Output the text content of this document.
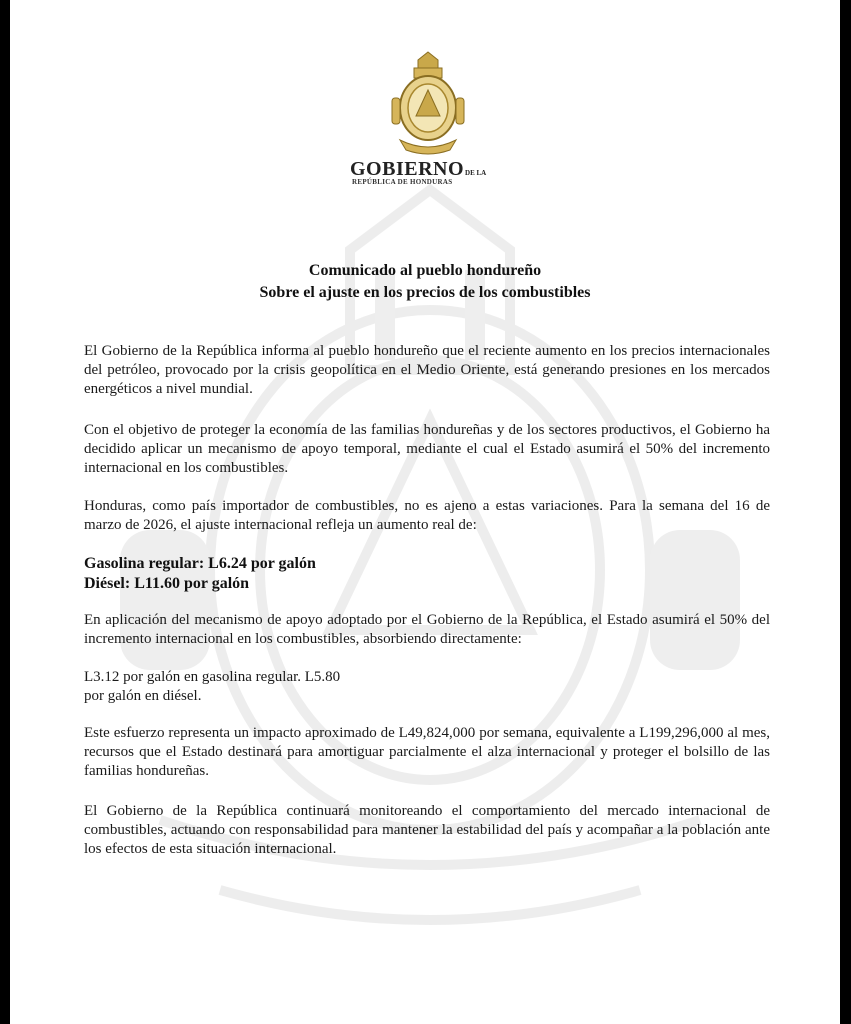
GOBIERNODE LA
REPÚBLICA DE HONDURAS
Comunicado al pueblo hondureño
Sobre el ajuste en los precios de los combustibles

El Gobierno de la República informa al pueblo hondureño que el reciente aumento en los precios internacionales del petróleo, provocado por la crisis geopolítica en el Medio Oriente, está generando presiones en los mercados energéticos a nivel mundial.

Con el objetivo de proteger la economía de las familias hondureñas y de los sectores productivos, el Gobierno ha decidido aplicar un mecanismo de apoyo temporal, mediante el cual el Estado asumirá el 50% del incremento internacional en los combustibles.

Honduras, como país importador de combustibles, no es ajeno a estas variaciones. Para la semana del 16 de marzo de 2026, el ajuste internacional refleja un aumento real de:

Gasolina regular: L6.24 por galón
Diésel: L11.60 por galón

En aplicación del mecanismo de apoyo adoptado por el Gobierno de la República, el Estado asumirá el 50% del incremento internacional en los combustibles, absorbiendo directamente:

L3.12 por galón en gasolina regular. L5.80
por galón en diésel.

Este esfuerzo representa un impacto aproximado de L49,824,000 por semana, equivalente a L199,296,000 al mes, recursos que el Estado destinará para amortiguar parcialmente el alza internacional y proteger el bolsillo de las familias hondureñas.

El Gobierno de la República continuará monitoreando el comportamiento del mercado internacional de combustibles, actuando con responsabilidad para mantener la estabilidad del país y acompañar a la población ante los efectos de esta situación internacional.
